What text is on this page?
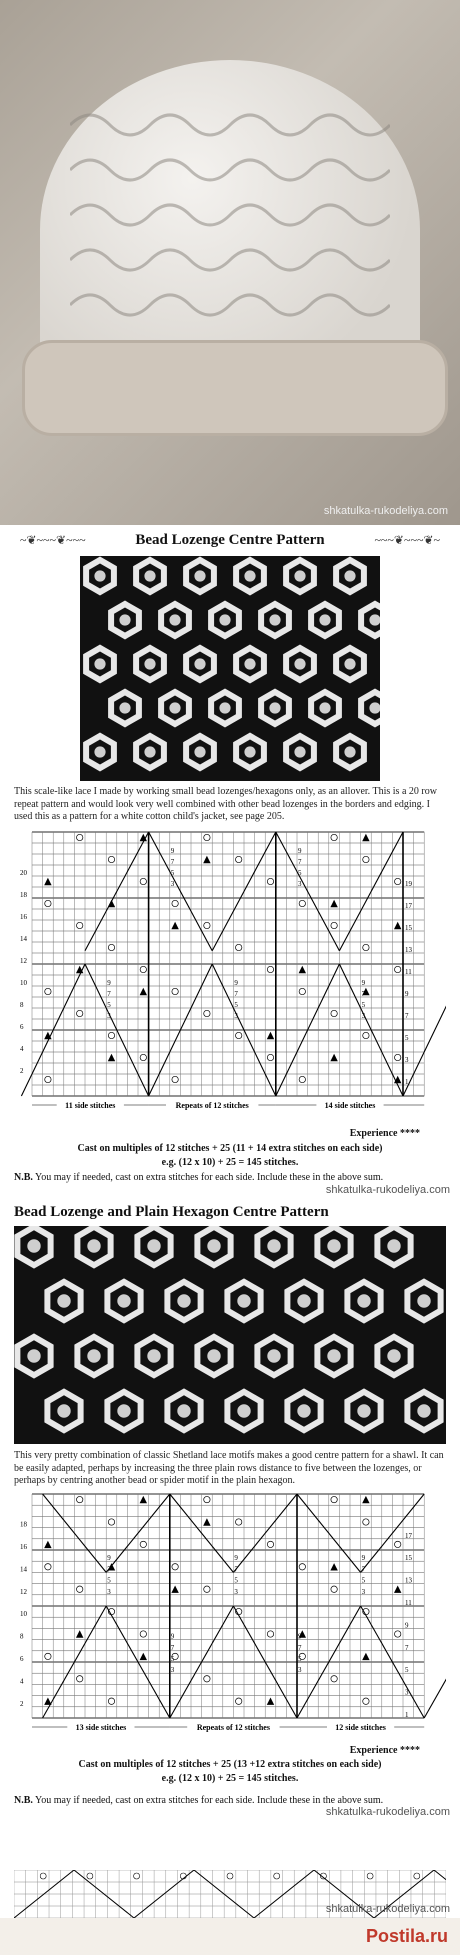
shkatulka-rukodeliya.com
~❦~~~❦~~~	~~~❦~~~❦~
Bead Lozenge Centre Pattern
This scale-like lace I made by working small bead lozenges/hexagons only, as an allover. This is a 20 row repeat pattern and would look very well combined with other bead lozenges in the borders and edging. I used this as a pattern for a white cotton child's jacket, see page 205.
9
7
5
3
9
7
5
3
9
7
5
3
9
7
5
3
9
7
5
3
20
18
16
14
12
10
8
6
4
2
19
17
15
13
11
9
7
5
3
1
11 side stitches	Repeats of 12 stitches	14 side stitches
Experience ****
Cast on multiples of 12 stitches + 25 (11 + 14 extra stitches on each side)
e.g. (12 x 10) + 25 = 145 stitches.
N.B. You may if needed, cast on extra stitches for each side. Include these in the above sum.
shkatulka-rukodeliya.com
Bead Lozenge and Plain Hexagon Centre Pattern
This very pretty combination of classic Shetland lace motifs makes a good centre pattern for a shawl. It can be easily adapted, perhaps by increasing the three plain rows distance to five between the lozenges, or perhaps by centring another bead or spider motif in the plain hexagon.
9
7
5
3
9
7
5
3
9
7
5
3
9
7
5
3
9
7
5
3
18
16
14
12
10
8
6
4
2
17
15
13
11
9
7
5
3
1
13 side stitches	Repeats of 12 stitches	12 side stitches
Experience ****
Cast on multiples of 12 stitches + 25 (13 +12 extra stitches on each side)
e.g. (12 x 10) + 25 = 145 stitches.
N.B. You may if needed, cast on extra stitches for each side. Include these in the above sum.
shkatulka-rukodeliya.com
shkatulka-rukodeliya.com
Postila.ru
